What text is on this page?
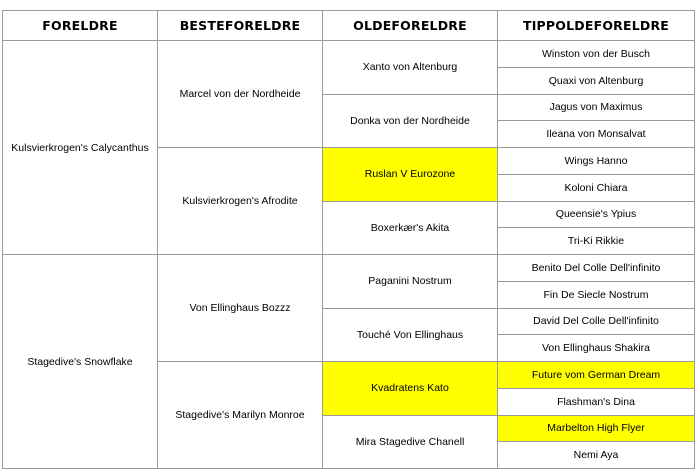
FORELDRE	BESTEFORELDRE	OLDEFORELDRE	TIPPOLDEFORELDRE
Kulsvierkrogen's Calycanthus	Marcel von der Nordheide	Xanto von Altenburg	Winston von der Busch
			Quaxi von Altenburg
		Donka von der Nordheide	Jagus von Maximus
			Ileana von Monsalvat
	Kulsvierkrogen's Afrodite	Ruslan V Eurozone	Wings Hanno
			Koloni Chiara
		Boxerkær's Akita	Queensie's Ypius
			Tri-Ki Rikkie
Stagedive's Snowflake	Von Ellinghaus Bozzz	Paganini Nostrum	Benito Del Colle Dell'infinito
			Fin De Siecle Nostrum
		Touché Von Ellinghaus	David Del Colle Dell'infinito
			Von Ellinghaus Shakira
	Stagedive's Marilyn Monroe	Kvadratens Kato	Future vom German Dream
			Flashman's Dina
		Mira Stagedive Chanell	Marbelton High Flyer
			Nemi Aya
